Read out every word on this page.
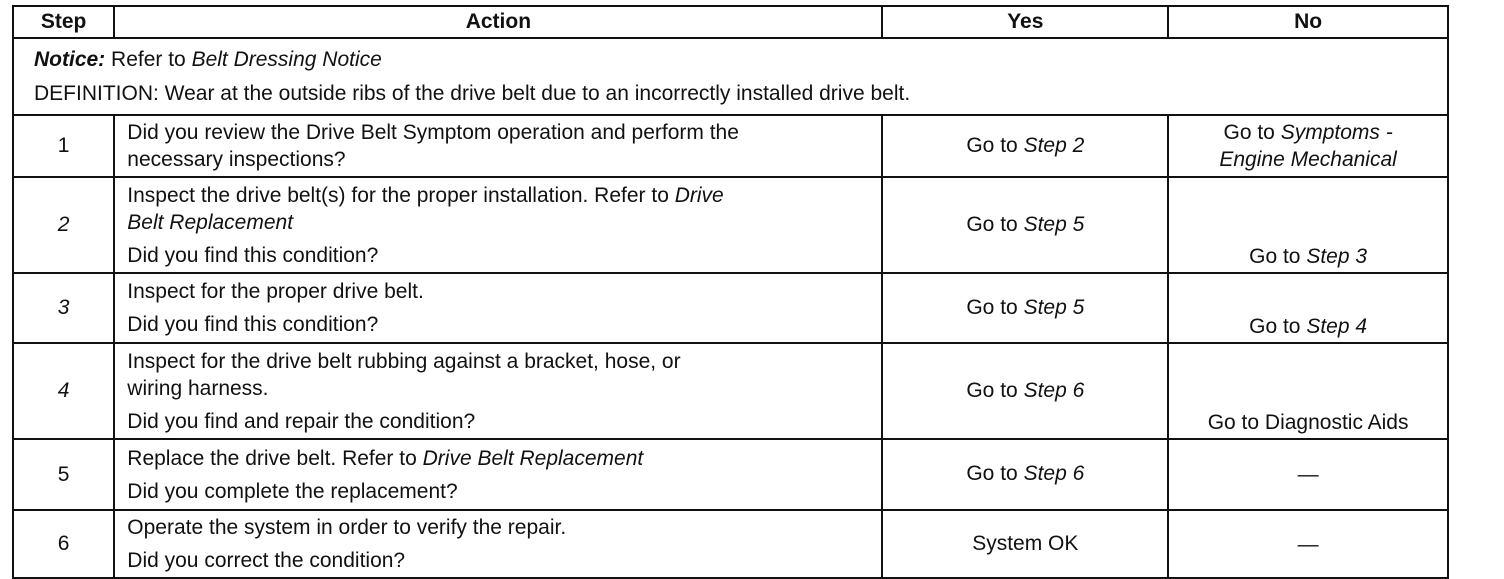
Step	Action	Yes	No

Notice: Refer to Belt Dressing Notice
DEFINITION: Wear at the outside ribs of the drive belt due to an incorrectly installed drive belt.			

1	Did you review the Drive Belt Symptom operation and perform the
necessary inspections?	Go to Step 2	Go to Symptoms -
Engine Mechanical
2	Inspect the drive belt(s) for the proper installation. Refer to Drive
Belt Replacement
Did you find this condition?	Go to Step 5	Go to Step 3
3	Inspect for the proper drive belt.
Did you find this condition?	Go to Step 5	Go to Step 4
4	Inspect for the drive belt rubbing against a bracket, hose, or
wiring harness.
Did you find and repair the condition?	Go to Step 6	Go to Diagnostic Aids
5	Replace the drive belt. Refer to Drive Belt Replacement
Did you complete the replacement?	Go to Step 6	—
6	Operate the system in order to verify the repair.
Did you correct the condition?	System OK	—
